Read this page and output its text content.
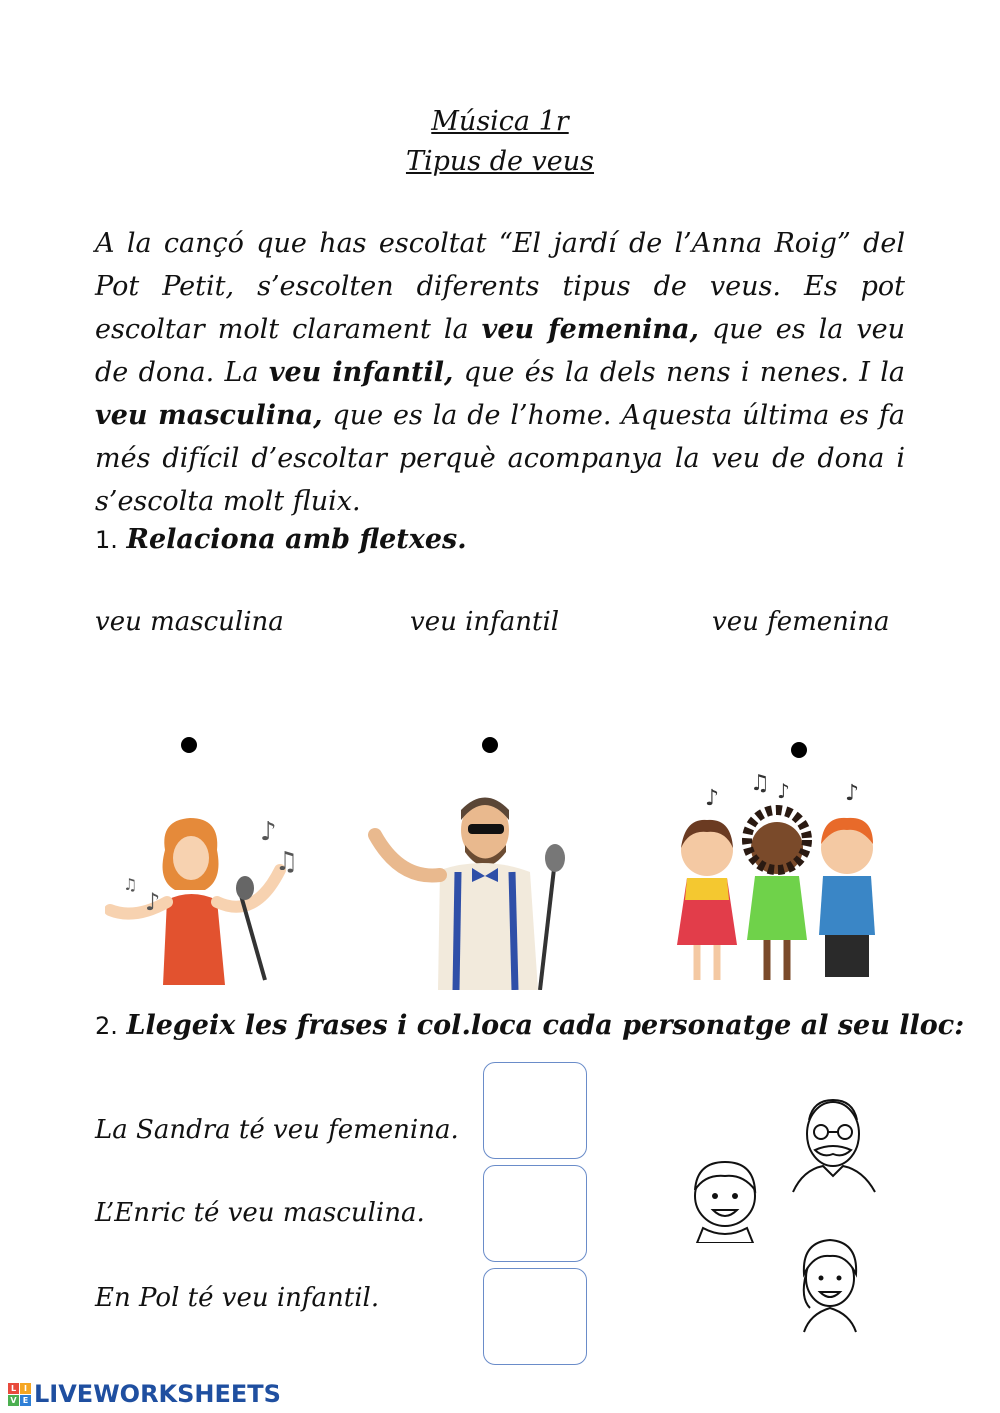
Música 1r
Tipus de veus
A la cançó que has escoltat “El jardí de l’Anna Roig” del Pot Petit, s’escolten diferents tipus de veus. Es pot escoltar molt clarament la veu femenina, que es la veu de dona. La veu infantil, que és la dels nens i nenes. I la veu masculina, que es la de l’home. Aquesta última es fa més difícil d’escoltar perquè acompanya la veu de dona i s’escolta molt fluix.
1. Relaciona amb fletxes.
veu masculina	veu infantil	veu femenina
♪
♫
♪
♫
♪
♫ ♪	♪
2. Llegeix les frases i col.loca cada personatge al seu lloc:
La Sandra té veu femenina.
L’Enric té veu masculina.
En Pol té veu infantil.
L I
V E LIVEWORKSHEETS
